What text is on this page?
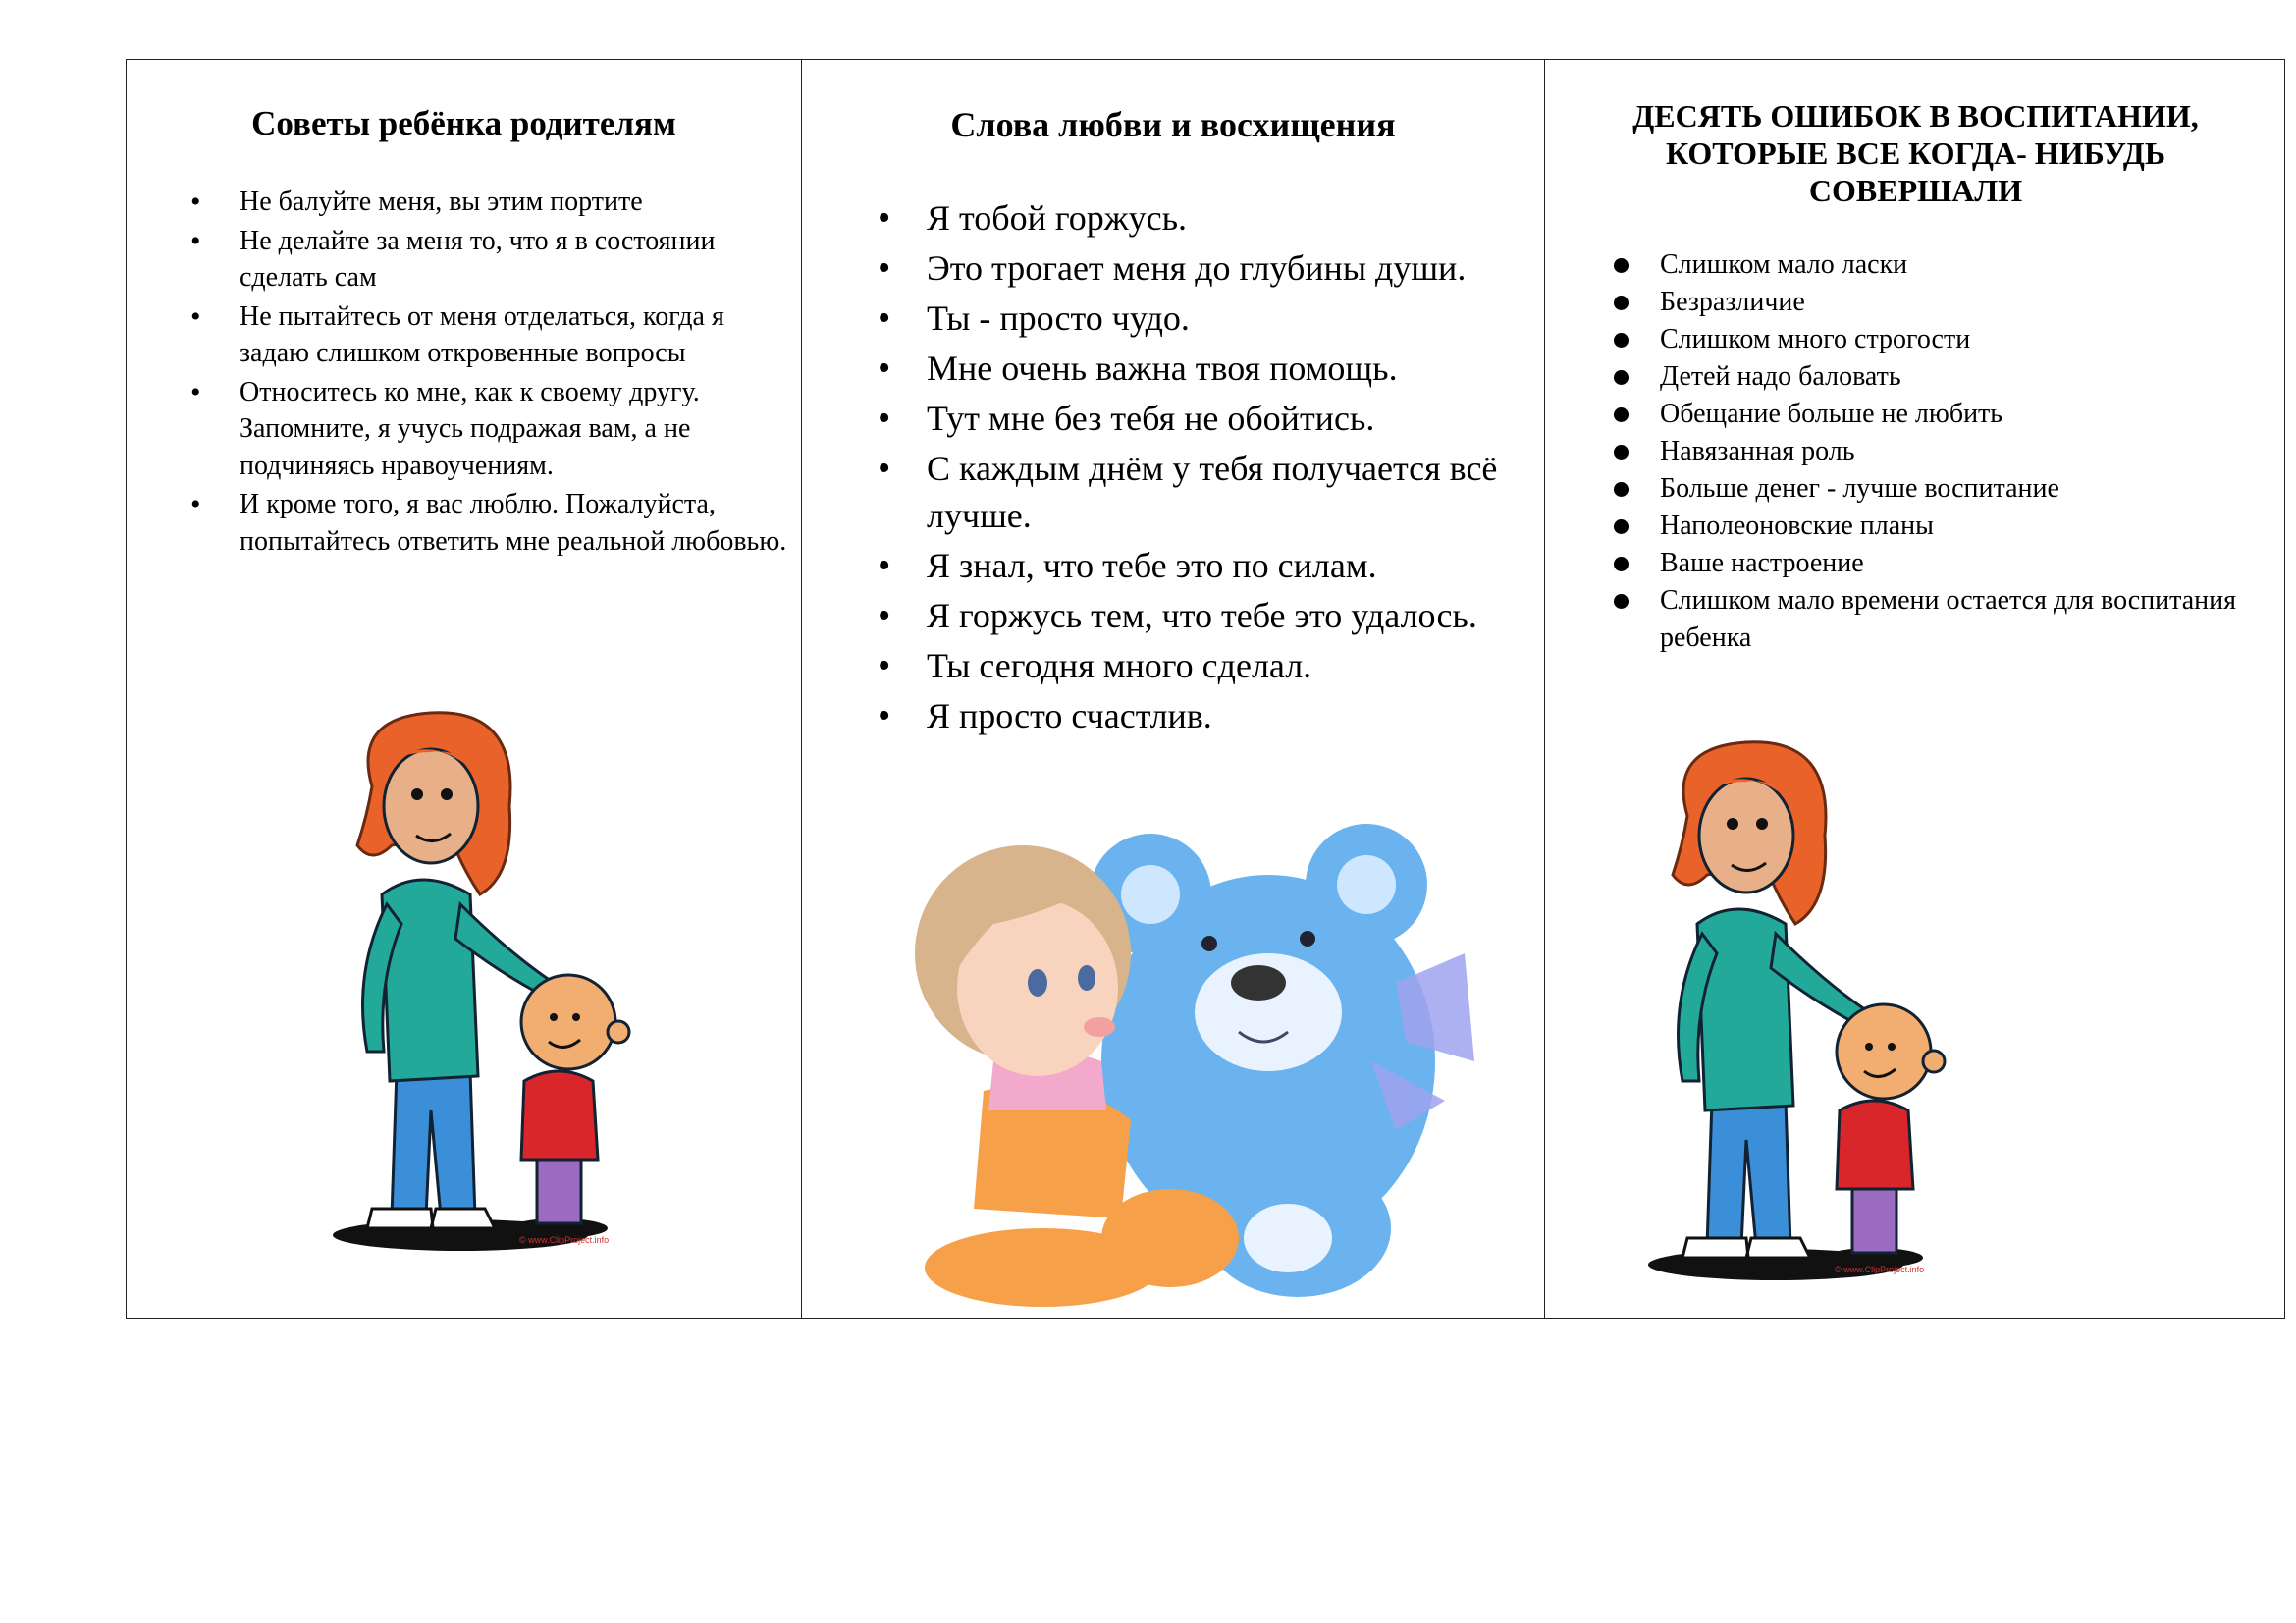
Советы ребёнка родителям
• Не балуйте меня, вы этим портите
• Не делайте за меня то, что я в состоянии сделать сам
• Не пытайтесь от меня отделаться, когда я задаю слишком откровенные вопросы
• Относитесь ко мне, как к своему другу. Запомните, я учусь подражая вам, а не подчиняясь нравоучениям.
• И кроме того, я вас люблю. Пожалуйста, попытайтесь ответить мне реальной любовью.
© www.ClipProject.info
Слова любви и восхищения
• Я тобой горжусь.
• Это трогает меня до глубины души.
• Ты - просто чудо.
• Мне очень важна твоя помощь.
• Тут мне без тебя не обойтись.
• С каждым днём у тебя получается всё лучше.
• Я знал, что тебе это по силам.
• Я горжусь тем, что тебе это удалось.
• Ты сегодня много сделал.
• Я просто счастлив.
ДЕСЯТЬ ОШИБОК В ВОСПИТАНИИ, КОТОРЫЕ ВСЕ КОГДА- НИБУДЬ СОВЕРШАЛИ
Слишком мало ласки
Безразличие
Слишком много строгости
Детей надо баловать
Обещание больше не любить
Навязанная роль
Больше денег - лучше воспитание
Наполеоновские планы
Ваше настроение
Слишком мало времени остается для воспитания ребенка
© www.ClipProject.info
